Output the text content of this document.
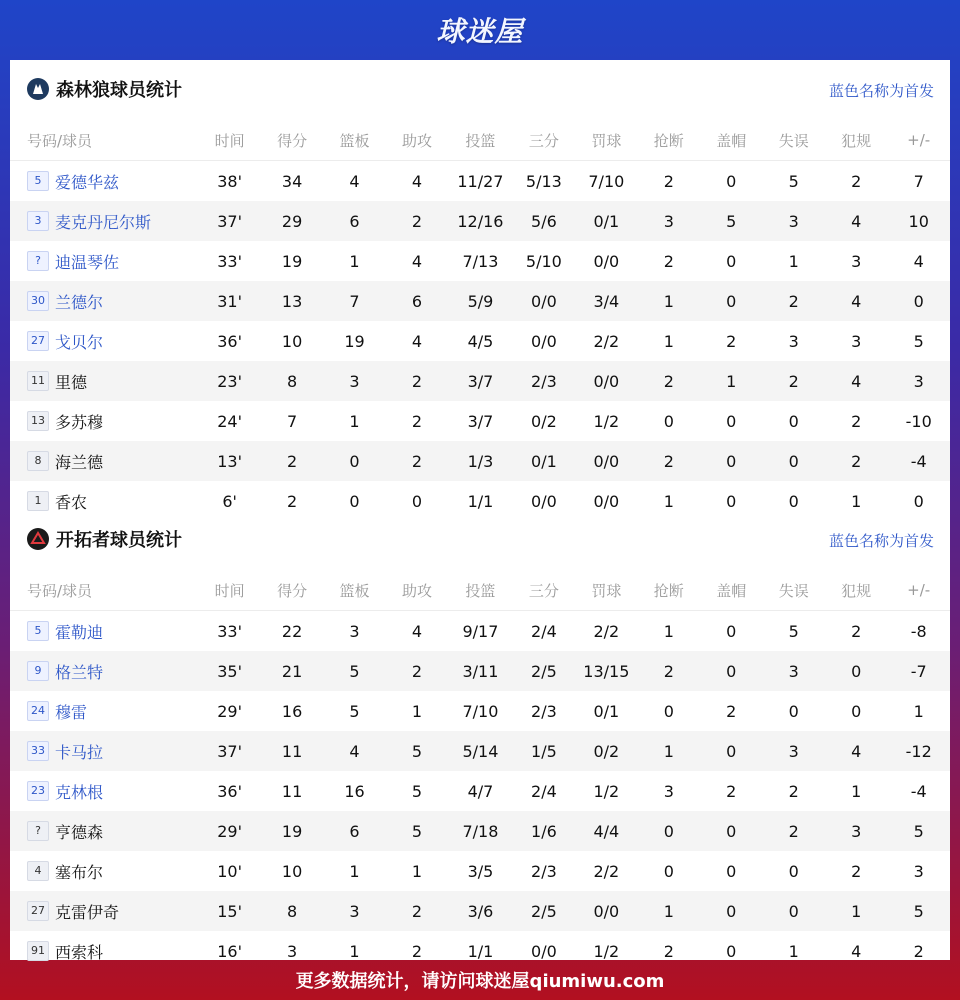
球迷屋
森林狼球员统计	蓝色名称为首发
号码/球员	时间	得分	篮板	助攻	投篮	三分	罚球	抢断	盖帽	失误	犯规	+/-
5 爱德华兹	38'	34	4	4	11/27	5/13	7/10	2	0	5	2	7
3 麦克丹尼尔斯	37'	29	6	2	12/16	5/6	0/1	3	5	3	4	10
? 迪温琴佐	33'	19	1	4	7/13	5/10	0/0	2	0	1	3	4
30 兰德尔	31'	13	7	6	5/9	0/0	3/4	1	0	2	4	0
27 戈贝尔	36'	10	19	4	4/5	0/0	2/2	1	2	3	3	5
11 里德	23'	8	3	2	3/7	2/3	0/0	2	1	2	4	3
13 多苏穆	24'	7	1	2	3/7	0/2	1/2	0	0	0	2	-10
8 海兰德	13'	2	0	2	1/3	0/1	0/0	2	0	0	2	-4
1 香农	6'	2	0	0	1/1	0/0	0/0	1	0	0	1	0
开拓者球员统计	蓝色名称为首发
号码/球员	时间	得分	篮板	助攻	投篮	三分	罚球	抢断	盖帽	失误	犯规	+/-
5 霍勒迪	33'	22	3	4	9/17	2/4	2/2	1	0	5	2	-8
9 格兰特	35'	21	5	2	3/11	2/5	13/15	2	0	3	0	-7
24 穆雷	29'	16	5	1	7/10	2/3	0/1	0	2	0	0	1
33 卡马拉	37'	11	4	5	5/14	1/5	0/2	1	0	3	4	-12
23 克林根	36'	11	16	5	4/7	2/4	1/2	3	2	2	1	-4
? 亨德森	29'	19	6	5	7/18	1/6	4/4	0	0	2	3	5
4 塞布尔	10'	10	1	1	3/5	2/3	2/2	0	0	0	2	3
27 克雷伊奇	15'	8	3	2	3/6	2/5	0/0	1	0	0	1	5
91 西索科	16'	3	1	2	1/1	0/0	1/2	2	0	1	4	2
更多数据统计，请访问球迷屋qiumiwu.com
